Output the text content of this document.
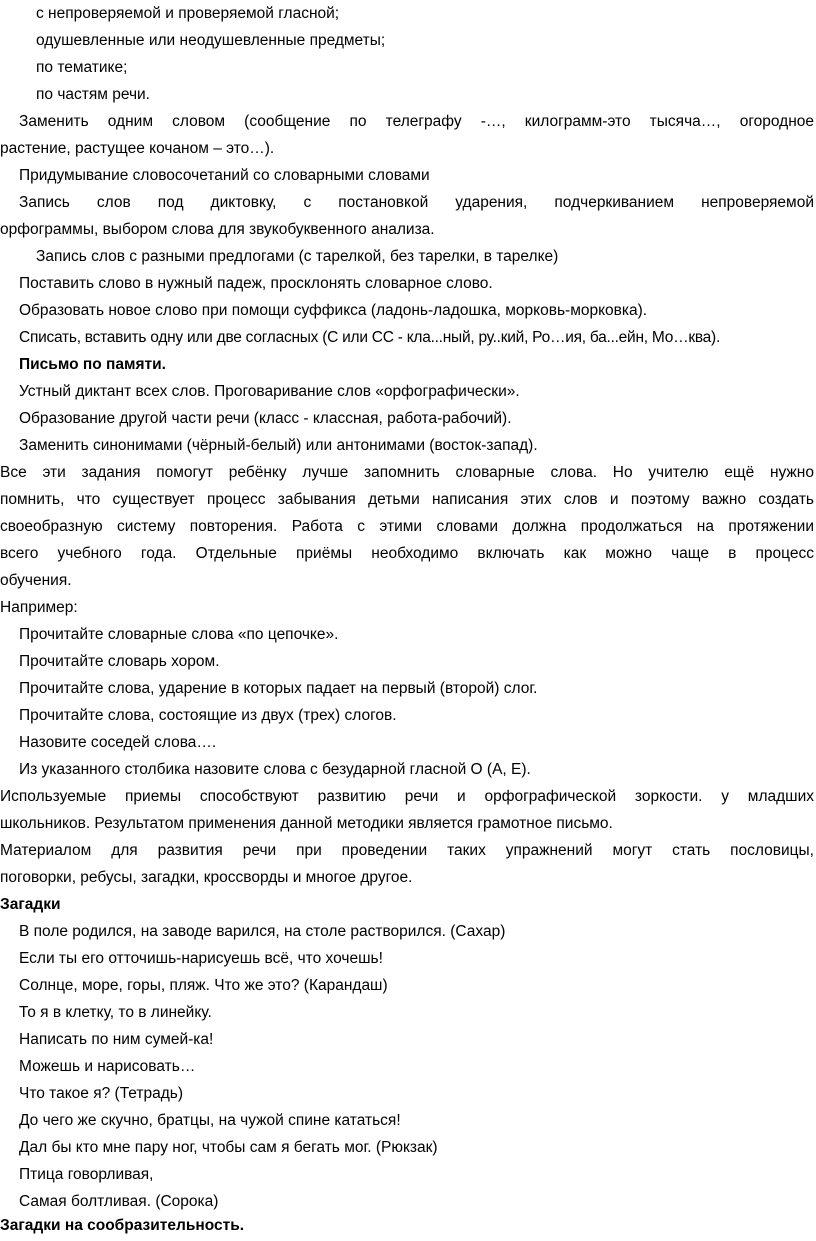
с непроверяемой и проверяемой гласной;
одушевленные или неодушевленные предметы;
по тематике;
по частям речи.
Заменить одним словом (сообщение по телеграфу -…, килограмм-это тысяча…, огородное
растение, растущее кочаном – это…).
Придумывание словосочетаний со словарными словами
Запись слов под диктовку, с постановкой ударения, подчеркиванием непроверяемой
орфограммы, выбором слова для звукобуквенного анализа.
Запись слов с разными предлогами (с тарелкой, без тарелки, в тарелке)
Поставить слово в нужный падеж, просклонять словарное слово.
Образовать новое слово при помощи суффикса (ладонь-ладошка, морковь-морковка).
Списать, вставить одну или две согласных (С или СС - кла...ный, ру..кий, Ро…ия, ба...ейн, Мо…ква).
Письмо по памяти.
Устный диктант всех слов. Проговаривание слов «орфографически».
Образование другой части речи (класс - классная, работа-рабочий).
Заменить синонимами (чёрный-белый) или антонимами (восток-запад).
Все эти задания помогут ребёнку лучше запомнить словарные слова. Но учителю ещё нужно
помнить, что существует процесс забывания детьми написания этих слов и поэтому важно создать
своеобразную систему повторения. Работа с этими словами должна продолжаться на протяжении
всего учебного года. Отдельные приёмы необходимо включать как можно чаще в процесс
обучения.
Например:
Прочитайте словарные слова «по цепочке».
Прочитайте словарь хором.
Прочитайте слова, ударение в которых падает на первый (второй) слог.
Прочитайте слова, состоящие из двух (трех) слогов.
Назовите соседей слова….
Из указанного столбика назовите слова с безударной гласной О (А, Е).
Используемые приемы способствуют развитию речи и орфографической зоркости. у младших
школьников. Результатом применения данной методики является грамотное письмо.
Материалом для развития речи при проведении таких упражнений могут стать пословицы,
поговорки, ребусы, загадки, кроссворды и многое другое.
Загадки
В поле родился, на заводе варился, на столе растворился. (Сахар)
Если ты его отточишь-нарисуешь всё, что хочешь!
Солнце, море, горы, пляж. Что же это? (Карандаш)
То я в клетку, то в линейку.
Написать по ним сумей-ка!
Можешь и нарисовать…
Что такое я? (Тетрадь)
До чего же скучно, братцы, на чужой спине кататься!
Дал бы кто мне пару ног, чтобы сам я бегать мог. (Рюкзак)
Птица говорливая,
Самая болтливая. (Сорока)
Загадки на сообразительность.
